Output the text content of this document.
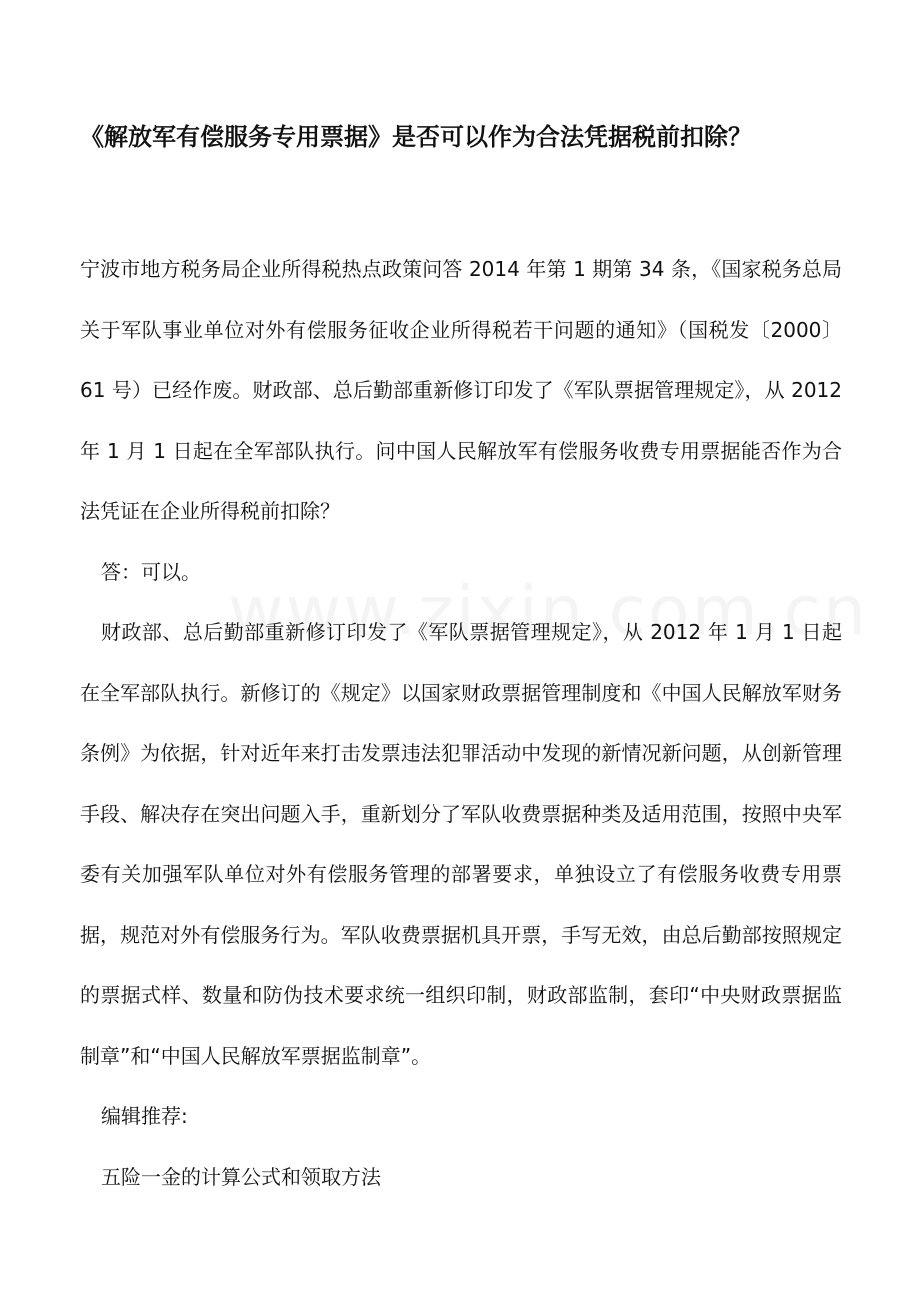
《解放军有偿服务专用票据》是否可以作为合法凭据税前扣除？

宁波市地方税务局企业所得税热点政策问答 2014 年第 1 期第 34 条，《国家税务总局关于军队事业单位对外有偿服务征收企业所得税若干问题的通知》（国税发〔2000〕61 号）已经作废。财政部、总后勤部重新修订印发了《军队票据管理规定》，从 2012 年 1 月 1 日起在全军部队执行。问中国人民解放军有偿服务收费专用票据能否作为合法凭证在企业所得税前扣除？

答：可以。

财政部、总后勤部重新修订印发了《军队票据管理规定》，从 2012 年 1 月 1 日起在全军部队执行。新修订的《规定》以国家财政票据管理制度和《中国人民解放军财务条例》为依据，针对近年来打击发票违法犯罪活动中发现的新情况新问题，从创新管理手段、解决存在突出问题入手，重新划分了军队收费票据种类及适用范围，按照中央军委有关加强军队单位对外有偿服务管理的部署要求，单独设立了有偿服务收费专用票据，规范对外有偿服务行为。军队收费票据机具开票，手写无效，由总后勤部按照规定的票据式样、数量和防伪技术要求统一组织印制，财政部监制，套印“中央财政票据监制章”和“中国人民解放军票据监制章”。

编辑推荐:

五险一金的计算公式和领取方法
